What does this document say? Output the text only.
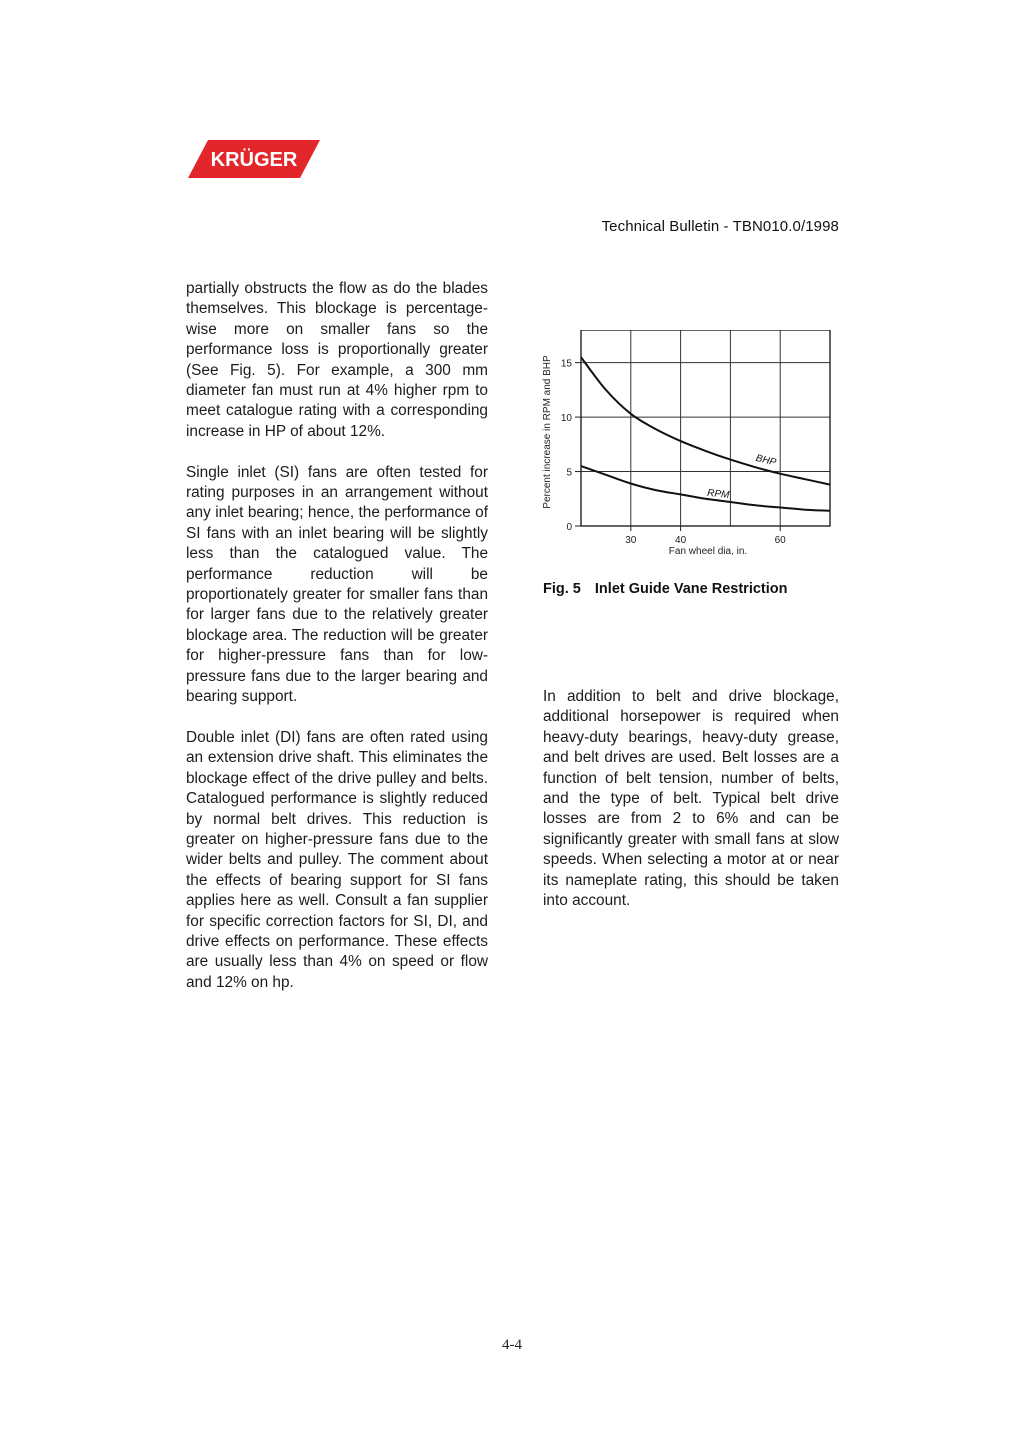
KRÜGER
Technical Bulletin - TBN010.0/1998

partially obstructs the flow as do the blades themselves. This blockage is percentage-wise more on smaller fans so the performance loss is proportionally greater (See Fig. 5). For example, a 300 mm diameter fan must run at 4% higher rpm to meet catalogue rating with a corresponding increase in HP of about 12%.

Single inlet (SI) fans are often tested for rating purposes in an arrangement without any inlet bearing; hence, the performance of SI fans with an inlet bearing will be slightly less than the catalogued value. The performance reduction will be proportionately greater for smaller fans than for larger fans due to the relatively greater blockage area. The reduction will be greater for higher-pressure fans than for low-pressure fans due to the larger bearing and bearing support.

Double inlet (DI) fans are often rated using an extension drive shaft. This eliminates the blockage effect of the drive pulley and belts. Catalogued performance is slightly reduced by normal belt drives. This reduction is greater on higher-pressure fans due to the wider belts and pulley. The comment about the effects of bearing support for SI fans applies here as well. Consult a fan supplier for specific correction factors for SI, DI, and drive effects on performance. These effects are usually less than 4% on speed or flow and 12% on hp.

0
5
10
15
30	40	60
Fan wheel dia, in.
Percent increase in RPM and BHP	BHP
RPM
Fig. 5 Inlet Guide Vane Restriction

In addition to belt and drive blockage, additional horsepower is required when heavy-duty bearings, heavy-duty grease, and belt drives are used. Belt losses are a function of belt tension, number of belts, and the type of belt. Typical belt drive losses are from 2 to 6% and can be significantly greater with small fans at slow speeds. When selecting a motor at or near its nameplate rating, this should be taken into account.

4-4
